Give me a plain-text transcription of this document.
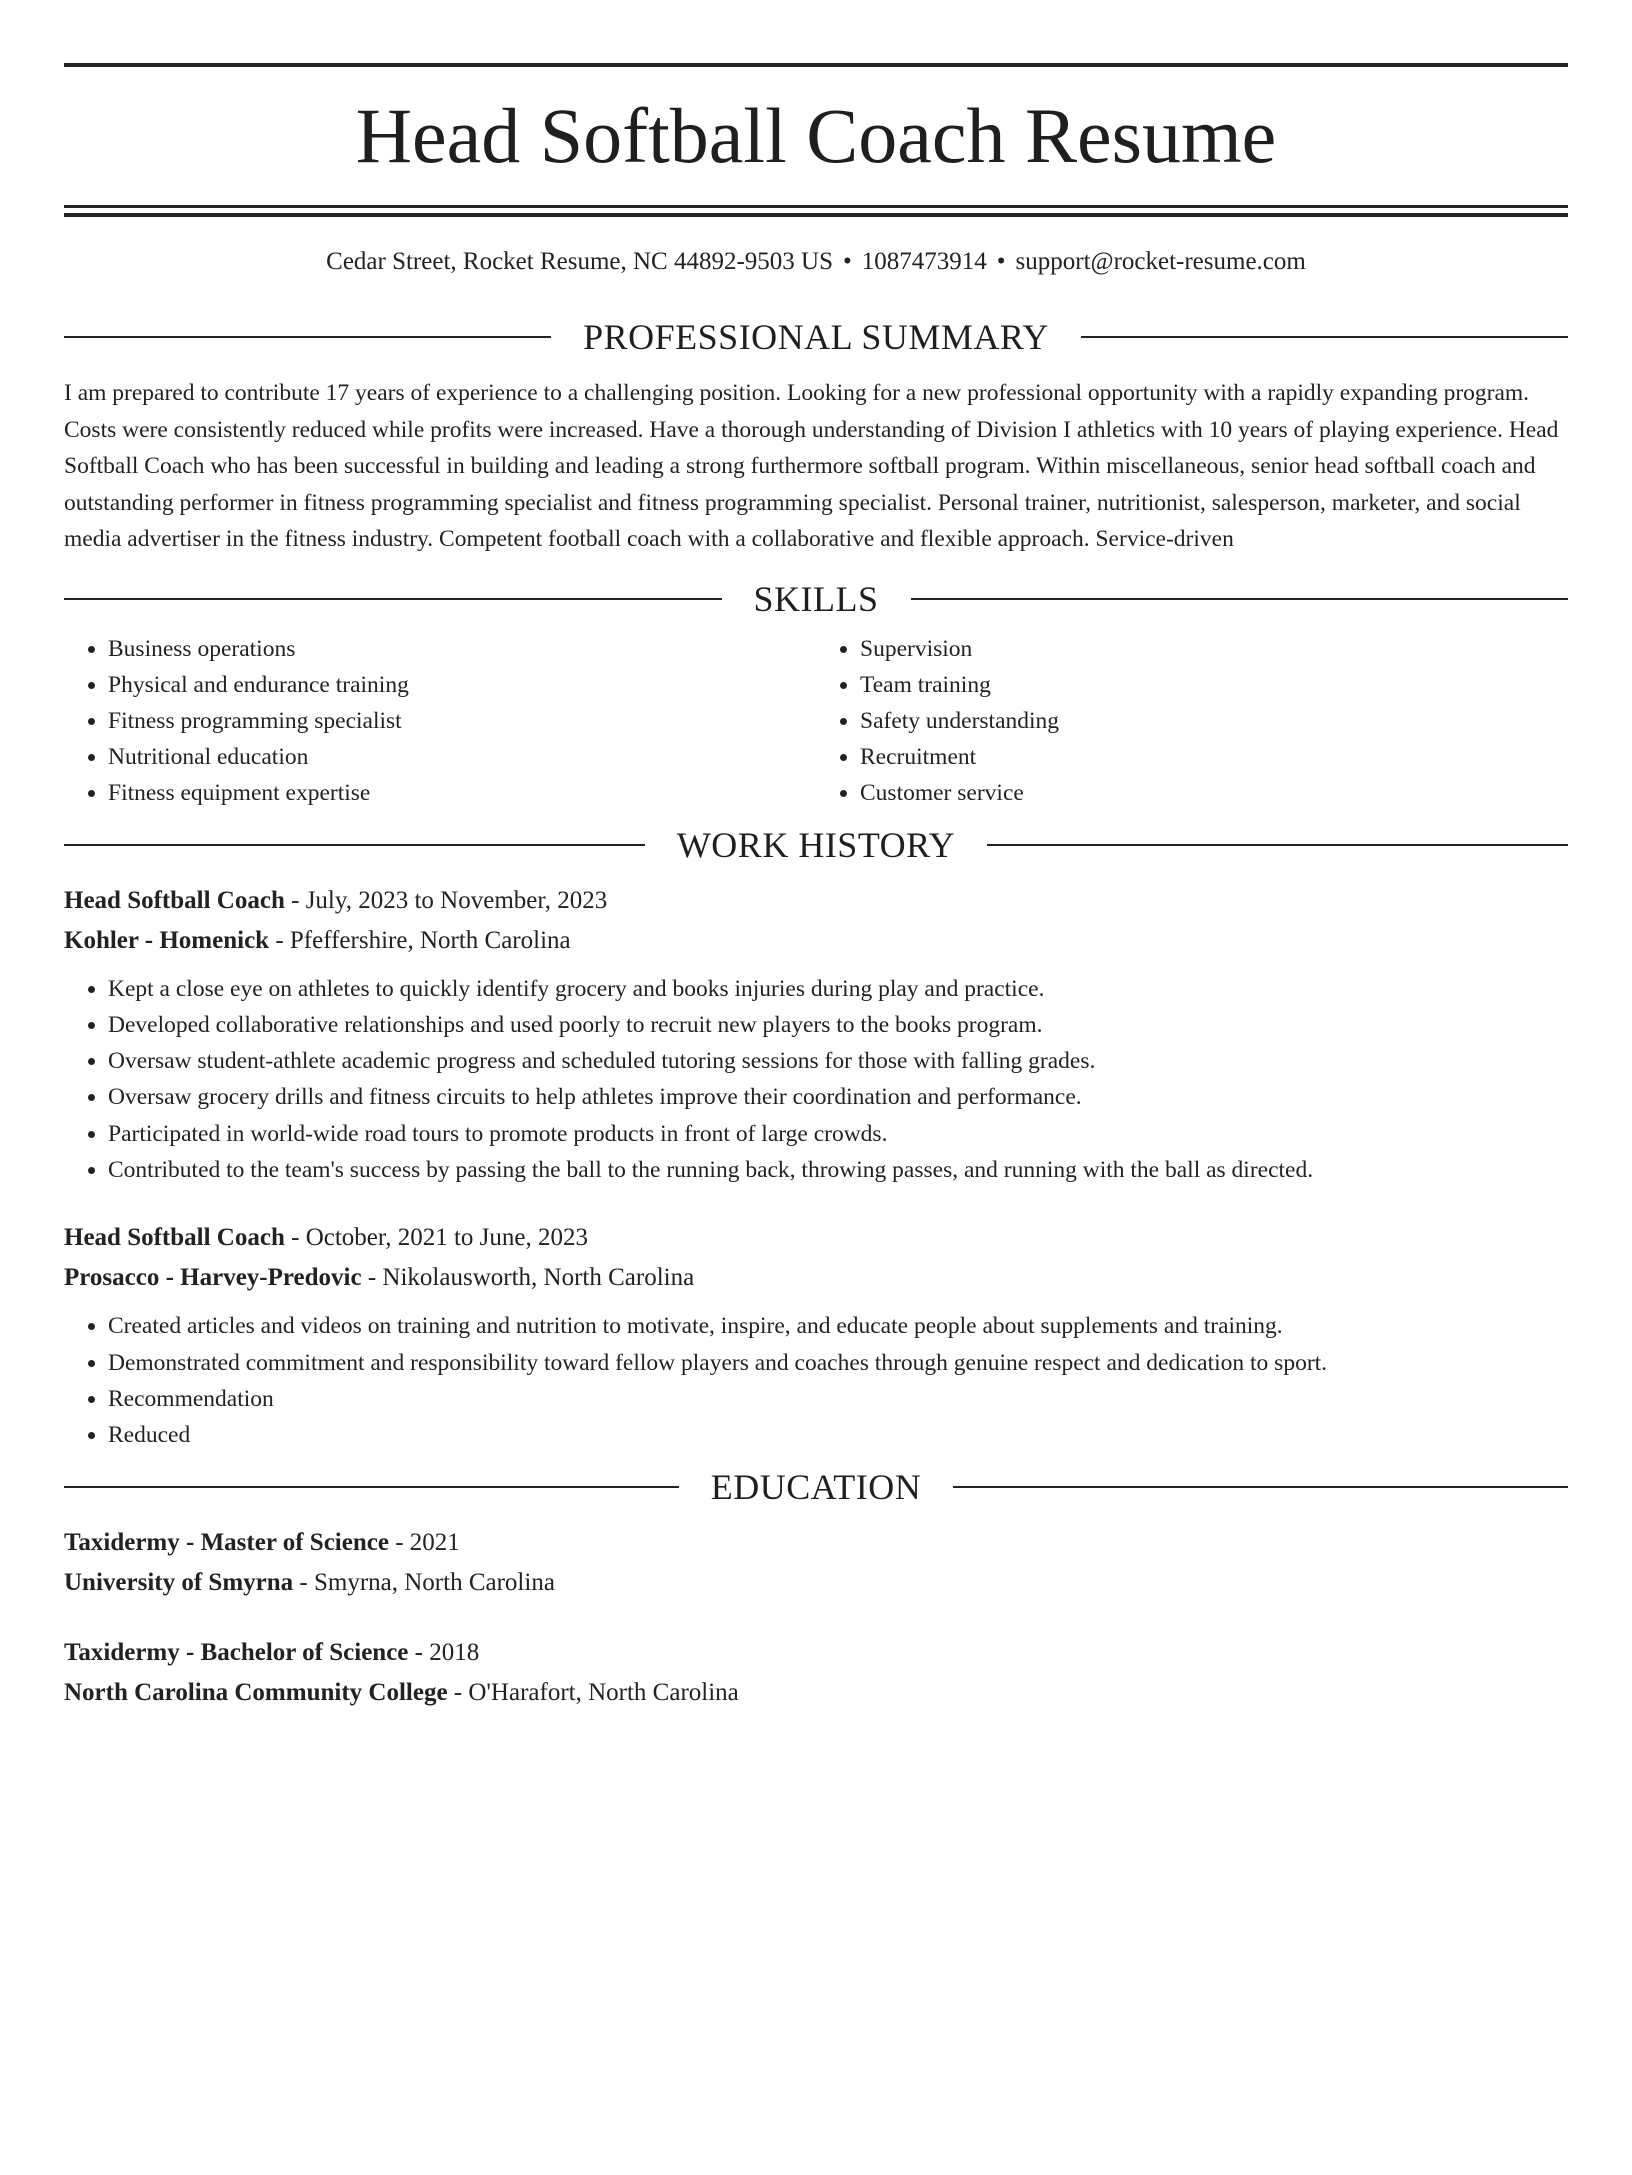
Head Softball Coach Resume
Cedar Street, Rocket Resume, NC 44892-9503 US • 1087473914 • support@rocket-resume.com
PROFESSIONAL SUMMARY

I am prepared to contribute 17 years of experience to a challenging position. Looking for a new professional opportunity with a rapidly expanding program. Costs were consistently reduced while profits were increased. Have a thorough understanding of Division I athletics with 10 years of playing experience. Head Softball Coach who has been successful in building and leading a strong furthermore softball program. Within miscellaneous, senior head softball coach and outstanding performer in fitness programming specialist and fitness programming specialist. Personal trainer, nutritionist, salesperson, marketer, and social media advertiser in the fitness industry. Competent football coach with a collaborative and flexible approach. Service-driven

SKILLS
• Business operations
• Physical and endurance training
• Fitness programming specialist
• Nutritional education
• Fitness equipment expertise
• Supervision
• Team training
• Safety understanding
• Recruitment
• Customer service
WORK HISTORY

Head Softball Coach - July, 2023 to November, 2023

Kohler - Homenick - Pfeffershire, North Carolina

• Kept a close eye on athletes to quickly identify grocery and books injuries during play and practice.
• Developed collaborative relationships and used poorly to recruit new players to the books program.
• Oversaw student-athlete academic progress and scheduled tutoring sessions for those with falling grades.
• Oversaw grocery drills and fitness circuits to help athletes improve their coordination and performance.
• Participated in world-wide road tours to promote products in front of large crowds.
• Contributed to the team's success by passing the ball to the running back, throwing passes, and running with the ball as directed.

Head Softball Coach - October, 2021 to June, 2023

Prosacco - Harvey-Predovic - Nikolausworth, North Carolina

• Created articles and videos on training and nutrition to motivate, inspire, and educate people about supplements and training.
• Demonstrated commitment and responsibility toward fellow players and coaches through genuine respect and dedication to sport.
• Recommendation
• Reduced
EDUCATION

Taxidermy - Master of Science - 2021

University of Smyrna - Smyrna, North Carolina

Taxidermy - Bachelor of Science - 2018

North Carolina Community College - O'Harafort, North Carolina
